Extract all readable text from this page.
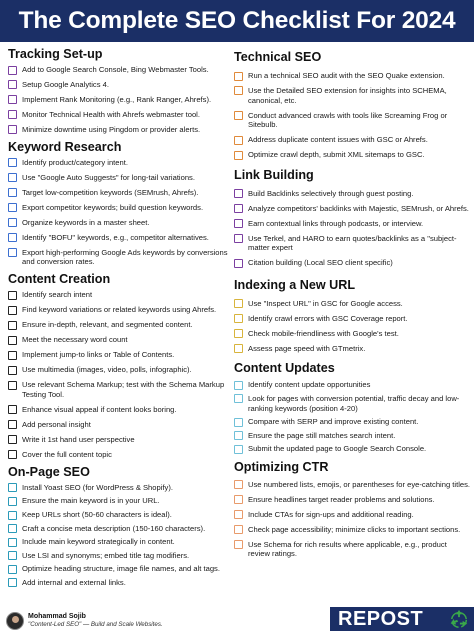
The Complete SEO Checklist For 2024
Tracking Set-up
Add to Google Search Console, Bing Webmaster Tools.
Setup Google Analytics 4.
Implement Rank Monitoring (e.g., Rank Ranger, Ahrefs).
Monitor Technical Health with Ahrefs webmaster tool.
Minimize downtime using Pingdom or provider alerts.
Keyword Research
Identify product/category intent.
Use "Google Auto Suggests" for long-tail variations.
Target low-competition keywords (SEMrush, Ahrefs).
Export competitor keywords; build question keywords.
Organize keywords in a master sheet.
Identify "BOFU" keywords, e.g., competitor alternatives.
Export high-performing Google Ads keywords by conversions and conversion rates.
Content Creation
Identify search intent
Find keyword variations or related keywords using Ahrefs.
Ensure in-depth, relevant, and segmented content.
Meet the necessary word count
Implement jump-to links or Table of Contents.
Use multimedia (images, video, polls, infographic).
Use relevant Schema Markup; test with the Schema Markup Testing Tool.
Enhance visual appeal if content looks boring.
Add personal insight
Write it 1st hand user perspective
Cover the full content topic
On-Page SEO
Install Yoast SEO (for WordPress & Shopify).
Ensure the main keyword is in your URL.
Keep URLs short (50-60 characters is ideal).
Craft a concise meta description (150-160 characters).
Include main keyword strategically in content.
Use LSI and synonyms; embed title tag modifiers.
Optimize heading structure, image file names, and alt tags.
Add internal and external links.
Technical SEO
Run a technical SEO audit with the SEO Quake extension.
Use the Detailed SEO extension for insights into SCHEMA, canonical, etc.
Conduct advanced crawls with tools like Screaming Frog or Sitebulb.
Address duplicate content issues with GSC or Ahrefs.
Optimize crawl depth, submit XML sitemaps to GSC.
Link Building
Build Backlinks selectively through guest posting.
Analyze competitors' backlinks with Majestic, SEMrush, or Ahrefs.
Earn contextual links through podcasts, or interview.
Use Terkel, and HARO to earn quotes/backlinks as a "subject-matter expert
Citation building (Local SEO client specific)
Indexing a New URL
Use "Inspect URL" in GSC for Google access.
Identify crawl errors with GSC Coverage report.
Check mobile-friendliness with Google's test.
Assess page speed with GTmetrix.
Content Updates
Identify content update opportunities
Look for pages with conversion potential, traffic decay and low-ranking keywords (position 4-20)
Compare with SERP and improve existing content.
Ensure the page still matches search intent.
Submit the updated page to Google Search Console.
Optimizing CTR
Use numbered lists, emojis, or parentheses for eye-catching titles.
Ensure headlines target reader problems and solutions.
Include CTAs for sign-ups and additional reading.
Check page accessibility; minimize clicks to important sections.
Use Schema for rich results where applicable, e.g., product review ratings.
Mohammad Sojib
"Content-Led SEO" — Build and Scale Websites.	REPOST
